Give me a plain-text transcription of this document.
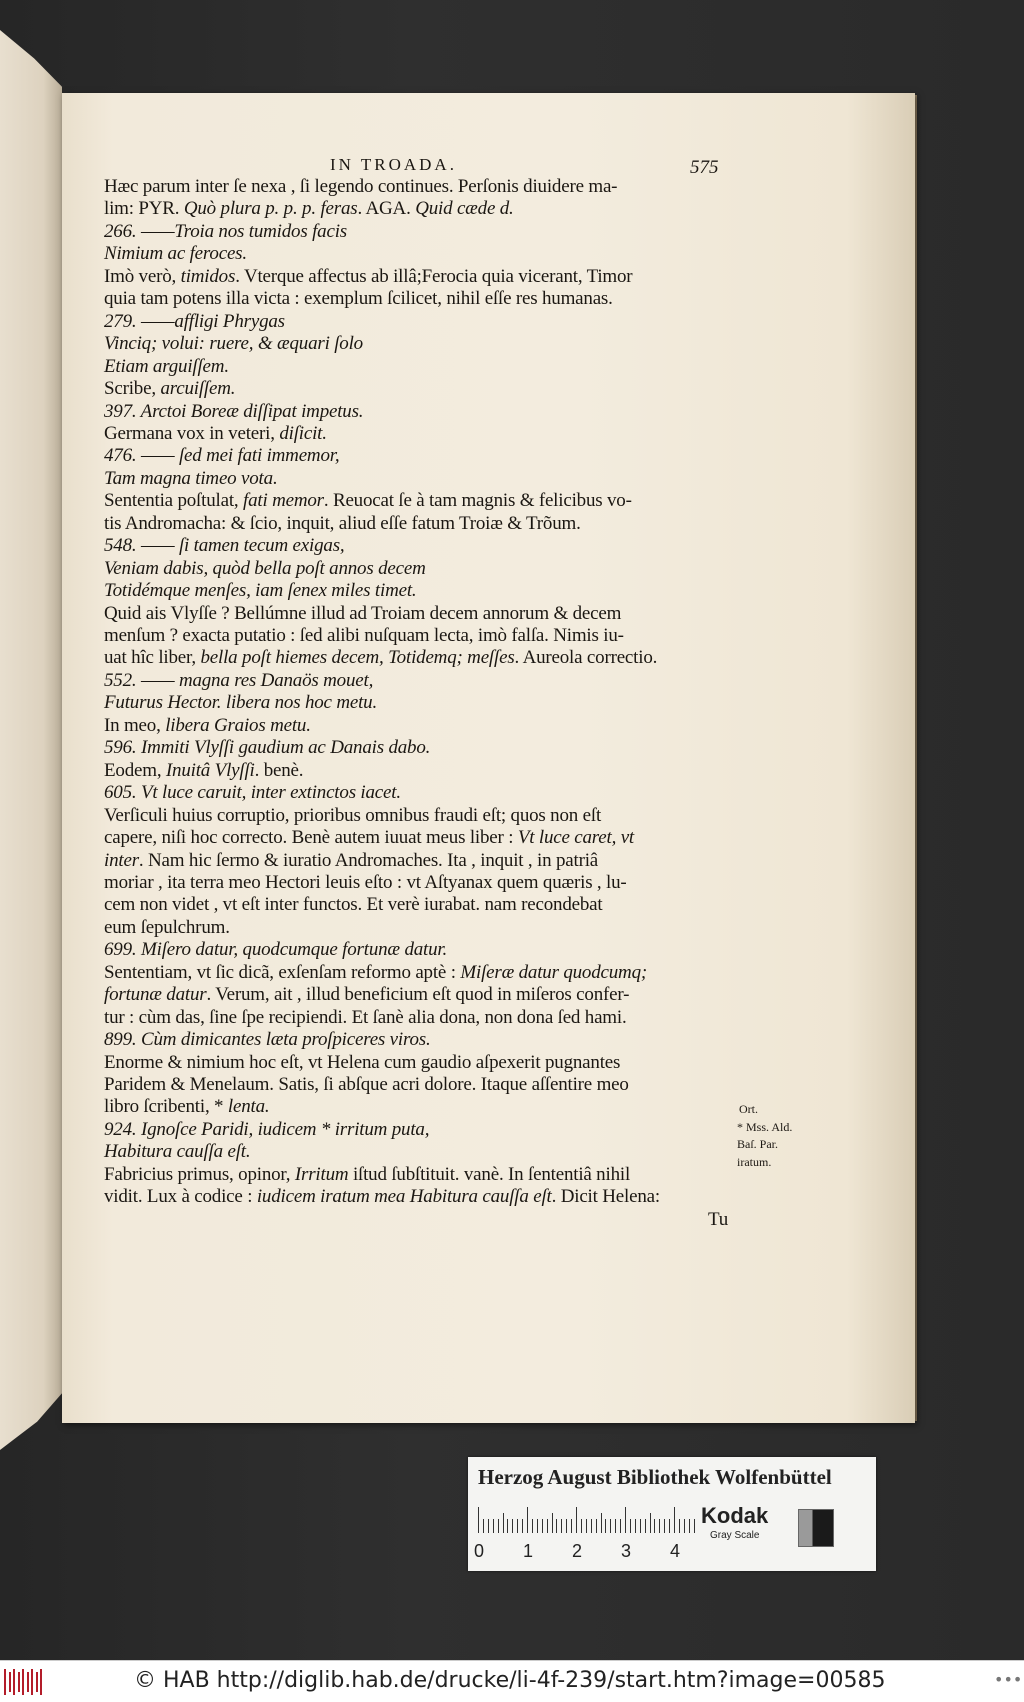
IN TROADA.	575
Hæc parum inter ſe nexa , ſi legendo continues. Perſonis diuidere ma-
lim: PYR. Quò plura p. p. p. feras. AGA. Quid cæde d.
266. ——Troia nos tumidos facis
Nimium ac feroces.
Imò verò, timidos. Vterque affectus ab illâ;Ferocia quia vicerant, Timor
quia tam potens illa victa : exemplum ſcilicet, nihil eſſe res humanas.
279. ——affligi Phrygas
Vinciq; volui: ruere, & æquari ſolo
Etiam arguiſſem.
Scribe, arcuiſſem.
397. Arctoi Boreæ diſſipat impetus.
Germana vox in veteri, diſicit.
476. —— ſed mei fati immemor,
Tam magna timeo vota.
Sententia poſtulat, fati memor. Reuocat ſe à tam magnis & felicibus vo-
tis Andromacha: & ſcio, inquit, aliud eſſe fatum Troiæ & Trõum.
548. —— ſi tamen tecum exigas,
Veniam dabis, quòd bella poſt annos decem
Totidémque menſes, iam ſenex miles timet.
Quid ais Vlyſſe ? Bellúmne illud ad Troiam decem annorum & decem
menſum ? exacta putatio : ſed alibi nuſquam lecta, imò falſa. Nimis iu-
uat hîc liber, bella poſt hiemes decem, Totidemq; meſſes. Aureola correctio.
552. —— magna res Danaös mouet,
Futurus Hector. libera nos hoc metu.
In meo, libera Graios metu.
596. Immiti Vlyſſi gaudium ac Danais dabo.
Eodem, Inuitâ Vlyſſi. benè.
605. Vt luce caruit, inter extinctos iacet.
Verſiculi huius corruptio, prioribus omnibus fraudi eſt; quos non eſt
capere, niſi hoc correcto. Benè autem iuuat meus liber : Vt luce caret, vt
inter. Nam hic ſermo & iuratio Andromaches. Ita , inquit , in patriâ
moriar , ita terra meo Hectori leuis eſto : vt Aſtyanax quem quæris , lu-
cem non videt , vt eſt inter functos. Et verè iurabat. nam recondebat
eum ſepulchrum.
699. Miſero datur, quodcumque fortunæ datur.
Sententiam, vt ſic dicã, exſenſam reformo aptè : Miſeræ datur quodcumq;
fortunæ datur. Verum, ait , illud beneficium eſt quod in miſeros confer-
tur : cùm das, ſine ſpe recipiendi. Et ſanè alia dona, non dona ſed hami.
899. Cùm dimicantes læta proſpiceres viros.
Enorme & nimium hoc eſt, vt Helena cum gaudio aſpexerit pugnantes
Paridem & Menelaum. Satis, ſi abſque acri dolore. Itaque aſſentire meo
libro ſcribenti, * lenta.
924. Ignoſce Paridi, iudicem * irritum puta,
Habitura cauſſa eſt.
Fabricius primus, opinor, Irritum iſtud ſubſtituit. vanè. In ſententiâ nihil
vidit. Lux à codice : iudicem iratum mea Habitura cauſſa eſt. Dicit Helena:
Tu
Ort.
* Mss. Ald.
Baſ. Par.
iratum.
Herzog August Bibliothek Wolfenbüttel
0 1 2 3 4
Kodak
Gray Scale
© HAB http://diglib.hab.de/drucke/li-4f-239/start.htm?image=00585	•••
